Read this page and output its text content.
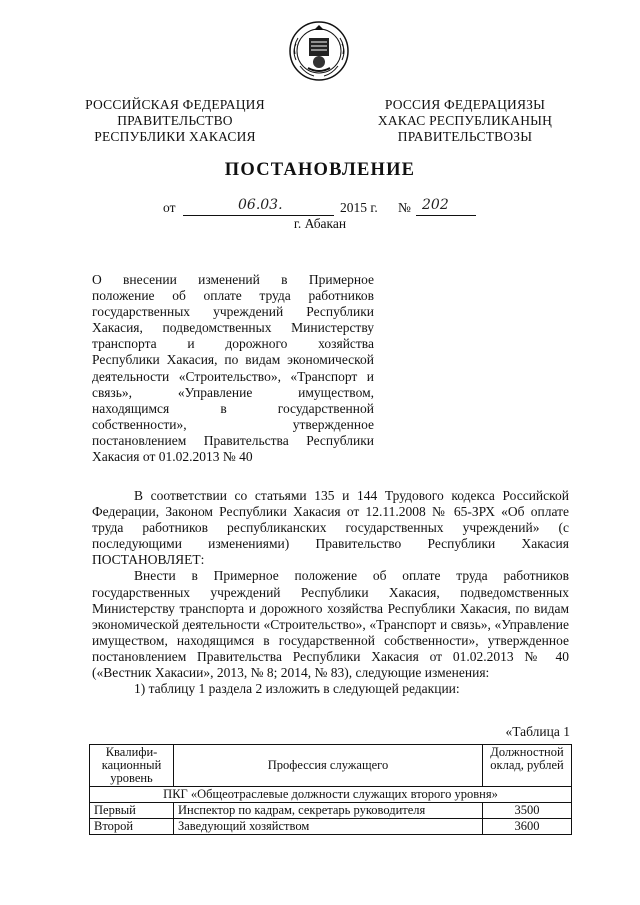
РОССИЙСКАЯ ФЕДЕРАЦИЯ
ПРАВИТЕЛЬСТВО
РЕСПУБЛИКИ ХАКАСИЯ
РОССИЯ ФЕДЕРАЦИЯЗЫ
ХАКАС РЕСПУБЛИКАНЫҢ
ПРАВИТЕЛЬСТВОЗЫ
ПОСТАНОВЛЕНИЕ
от	06.03.	2015 г. № 202
г. Абакан

О внесении изменений в Примерное

положение об оплате труда работников

государственных учреждений Республики

Хакасия, подведомственных Министерству

транспорта и дорожного хозяйства

Республики Хакасия, по видам экономической

деятельности «Строительство», «Транспорт и

связь», «Управление имуществом,

находящимся в государственной

собственности», утвержденное

постановлением Правительства Республики

Хакасия от 01.02.2013 № 40

В соответствии со статьями 135 и 144 Трудового кодекса Российской Федерации, Законом Республики Хакасия от 12.11.2008 № 65-ЗРХ «Об оплате труда работников республиканских государственных учреждений» (с последующими изменениями) Правительство Республики Хакасия ПОСТАНОВЛЯЕТ:

Внести в Примерное положение об оплате труда работников государственных учреждений Республики Хакасия, подведомственных Министерству транспорта и дорожного хозяйства Республики Хакасия, по видам экономической деятельности «Строительство», «Транспорт и связь», «Управление имуществом, находящимся в государственной собственности», утвержденное постановлением Правительства Республики Хакасия от 01.02.2013 № 40 («Вестник Хакасии», 2013, № 8; 2014, № 83), следующие изменения:

1) таблицу 1 раздела 2 изложить в следующей редакции:

«Таблица 1
Квалифи-кационный уровень	Профессия служащего	Должностной оклад, рублей
ПКГ «Общеотраслевые должности служащих второго уровня»		
Первый	Инспектор по кадрам, секретарь руководителя	3500
Второй	Заведующий хозяйством	3600
